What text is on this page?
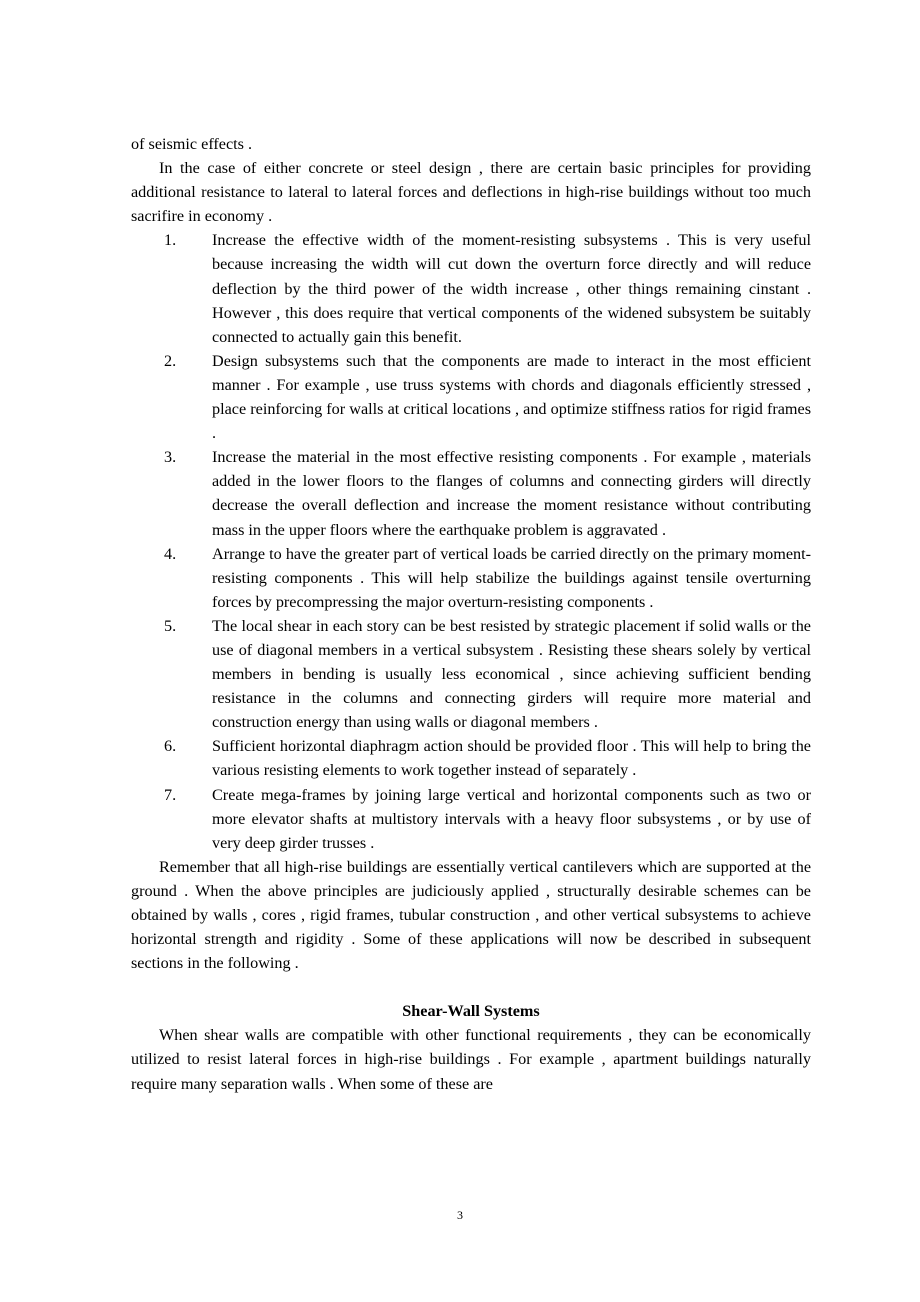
of seismic effects .

In the case of either concrete or steel design , there are certain basic principles for providing additional resistance to lateral to lateral forces and deflections in high-rise buildings without too much sacrifire in economy .

1. Increase the effective width of the moment-resisting subsystems . This is very useful because increasing the width will cut down the overturn force directly and will reduce deflection by the third power of the width increase , other things remaining cinstant . However , this does require that vertical components of the widened subsystem be suitably connected to actually gain this benefit.
2. Design subsystems such that the components are made to interact in the most efficient manner . For example , use truss systems with chords and diagonals efficiently stressed , place reinforcing for walls at critical locations , and optimize stiffness ratios for rigid frames .
3. Increase the material in the most effective resisting components . For example , materials added in the lower floors to the flanges of columns and connecting girders will directly decrease the overall deflection and increase the moment resistance without contributing mass in the upper floors where the earthquake problem is aggravated .
4. Arrange to have the greater part of vertical loads be carried directly on the primary moment-resisting components . This will help stabilize the buildings against tensile overturning forces by precompressing the major overturn-resisting components .
5. The local shear in each story can be best resisted by strategic placement if solid walls or the use of diagonal members in a vertical subsystem . Resisting these shears solely by vertical members in bending is usually less economical , since achieving sufficient bending resistance in the columns and connecting girders will require more material and construction energy than using walls or diagonal members .
6. Sufficient horizontal diaphragm action should be provided floor . This will help to bring the various resisting elements to work together instead of separately .
7. Create mega-frames by joining large vertical and horizontal components such as two or more elevator shafts at multistory intervals with a heavy floor subsystems , or by use of very deep girder trusses .

Remember that all high-rise buildings are essentially vertical cantilevers which are supported at the ground . When the above principles are judiciously applied , structurally desirable schemes can be obtained by walls , cores , rigid frames, tubular construction , and other vertical subsystems to achieve horizontal strength and rigidity . Some of these applications will now be described in subsequent sections in the following .

Shear-Wall Systems

When shear walls are compatible with other functional requirements , they can be economically utilized to resist lateral forces in high-rise buildings . For example , apartment buildings naturally require many separation walls . When some of these are

3
